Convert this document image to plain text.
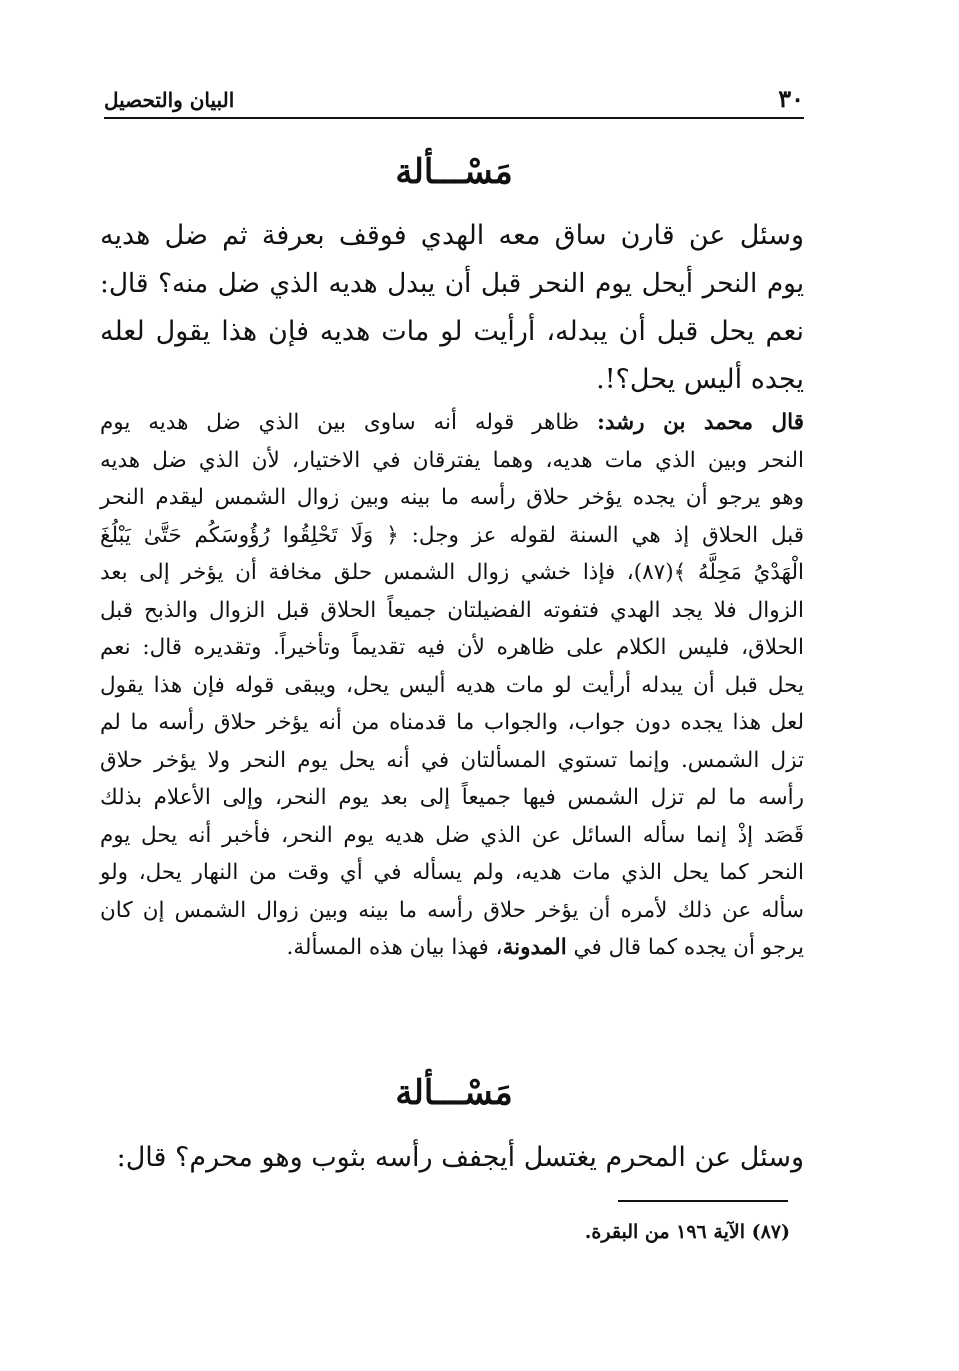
٣٠
البيان والتحصيل
مَسْـــألة
وسئل عن قارن ساق معه الهدي فوقف بعرفة ثم ضل هديه
يوم النحر أيحل يوم النحر قبل أن يبدل هديه الذي ضل منه؟ قال:
نعم يحل قبل أن يبدله، أرأيت لو مات هديه فإن هذا يقول لعله
يجده أليس يحل؟!.
قال محمد بن رشد: ظاهر قوله أنه ساوى بين الذي ضل هديه يوم
النحر وبين الذي مات هديه، وهما يفترقان في الاختيار، لأن الذي ضل هديه
وهو يرجو أن يجده يؤخر حلاق رأسه ما بينه وبين زوال الشمس ليقدم النحر
قبل الحلاق إذ هي السنة لقوله عز وجل: ﴿ وَلَا تَحْلِقُوا رُؤُوسَكُم حَتَّىٰ يَبْلُغَ
الْهَدْيُ مَحِلَّهُ ﴾(٨٧)، فإذا خشي زوال الشمس حلق مخافة أن يؤخر إلى بعد
الزوال فلا يجد الهدي فتفوته الفضيلتان جميعاً الحلاق قبل الزوال والذبح قبل
الحلاق، فليس الكلام على ظاهره لأن فيه تقديماً وتأخيراً. وتقديره قال: نعم
يحل قبل أن يبدله أرأيت لو مات هديه أليس يحل، ويبقى قوله فإن هذا يقول
لعل هذا يجده دون جواب، والجواب ما قدمناه من أنه يؤخر حلاق رأسه ما لم
تزل الشمس. وإنما تستوي المسألتان في أنه يحل يوم النحر ولا يؤخر حلاق
رأسه ما لم تزل الشمس فيها جميعاً إلى بعد يوم النحر، وإلى الأعلام بذلك
قَصَد إذْ إنما سأله السائل عن الذي ضل هديه يوم النحر، فأخبر أنه يحل يوم
النحر كما يحل الذي مات هديه، ولم يسأله في أي وقت من النهار يحل، ولو
سأله عن ذلك لأمره أن يؤخر حلاق رأسه ما بينه وبين زوال الشمس إن كان
يرجو أن يجده كما قال في المدونة، فهذا بيان هذه المسألة.
مَسْـــألة
وسئل عن المحرم يغتسل أيجفف رأسه بثوب وهو محرم؟ قال:
(٨٧) الآية ١٩٦ من البقرة.
